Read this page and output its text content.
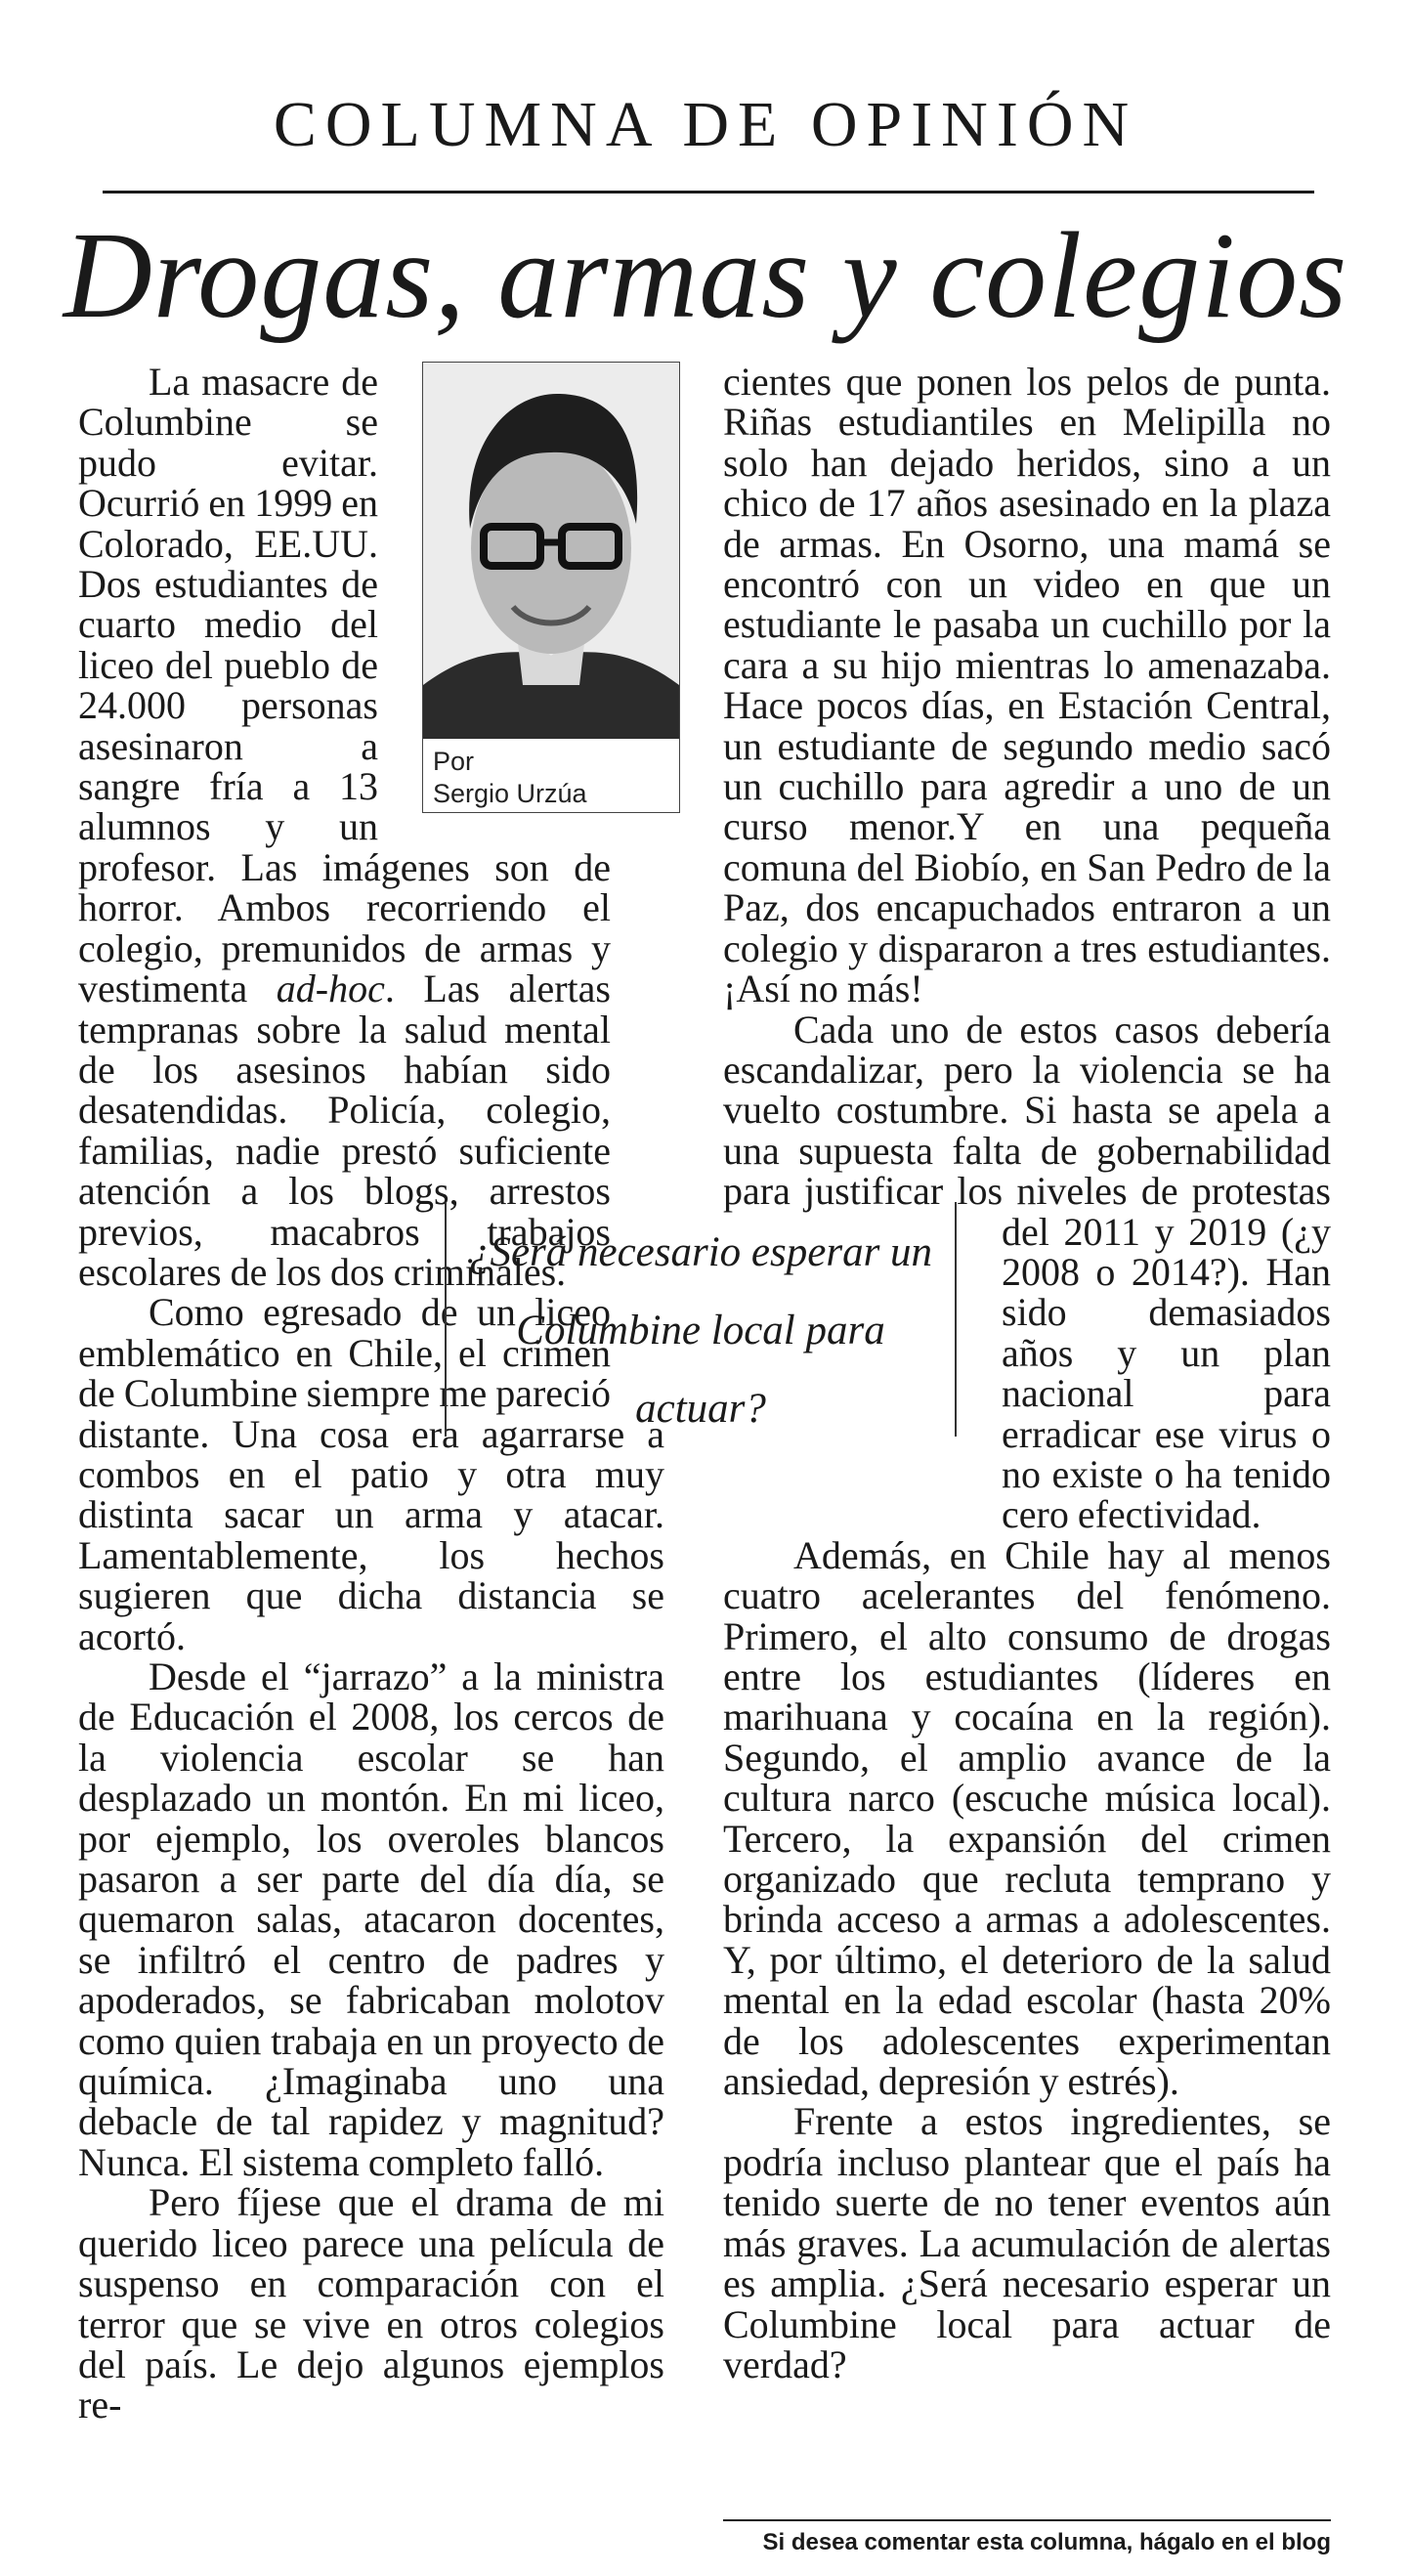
COLUMNA DE OPINIÓN
Drogas, armas y colegios

La masacre de Columbine se pudo evitar. Ocurrió en 1999 en Colorado, EE.UU. Dos estudiantes de cuarto medio del liceo del pueblo de 24.000 personas asesinaron a sangre fría a 13 alumnos y un profesor. Las imágenes son de horror. Ambos recorriendo el colegio, premunidos de armas y vestimenta ad-hoc. Las alertas tempranas sobre la salud mental de los asesinos habían sido desatendidas. Policía, colegio, familias, nadie prestó suficiente atención a los blogs, arrestos previos, macabros trabajos escolares de los dos criminales.

Como egresado de un liceo emblemático en Chile, el crimen de Columbine siempre me pareció distante. Una cosa era agarrarse a combos en el patio y otra muy distinta sacar un arma y atacar. Lamentablemente, los hechos sugieren que dicha distancia se acortó.

Desde el “jarrazo” a la ministra de Educación el 2008, los cercos de la violencia escolar se han desplazado un montón. En mi liceo, por ejemplo, los overoles blancos pasaron a ser parte del día día, se quemaron salas, atacaron docentes, se infiltró el centro de padres y apoderados, se fabricaban molotov como quien trabaja en un proyecto de química. ¿Imaginaba uno una debacle de tal rapidez y magnitud? Nunca. El sistema completo falló.

Pero fíjese que el drama de mi querido liceo parece una película de suspenso en comparación con el terror que se vive en otros colegios del país. Le dejo algunos ejemplos re-

cientes que ponen los pelos de punta. Riñas estudiantiles en Melipilla no solo han dejado heridos, sino a un chico de 17 años asesinado en la plaza de armas. En Osorno, una mamá se encontró con un video en que un estudiante le pasaba un cuchillo por la cara a su hijo mientras lo amenazaba. Hace pocos días, en Estación Central, un estudiante de segundo medio sacó un cuchillo para agredir a uno de un curso menor.Y en una pequeña comuna del Biobío, en San Pedro de la Paz, dos encapuchados entraron a un colegio y dispararon a tres estudiantes. ¡Así no más!

Cada uno de estos casos debería escandalizar, pero la violencia se ha vuelto costumbre. Si hasta se apela a una supuesta falta de gobernabilidad para justificar los niveles de protestas del 2011 y 2019 (¿y 2008 o 2014?). Han sido demasiados años y un plan nacional para erradicar ese virus o no existe o ha tenido cero efectividad.

Además, en Chile hay al menos cuatro acelerantes del fenómeno. Primero, el alto consumo de drogas entre los estudiantes (líderes en marihuana y cocaína en la región). Segundo, el amplio avance de la cultura narco (escuche música local). Tercero, la expansión del crimen organizado que recluta temprano y brinda acceso a armas a adolescentes. Y, por último, el deterioro de la salud mental en la edad escolar (hasta 20% de los adolescentes experimentan ansiedad, depresión y estrés).

Frente a estos ingredientes, se podría incluso plantear que el país ha tenido suerte de no tener eventos aún más graves. La acumulación de alertas es amplia. ¿Será necesario esperar un Columbine local para actuar de verdad?

Por
Sergio Urzúa

¿Será necesario esperar un Columbine local para actuar?

Si desea comentar esta columna, hágalo en el blog
